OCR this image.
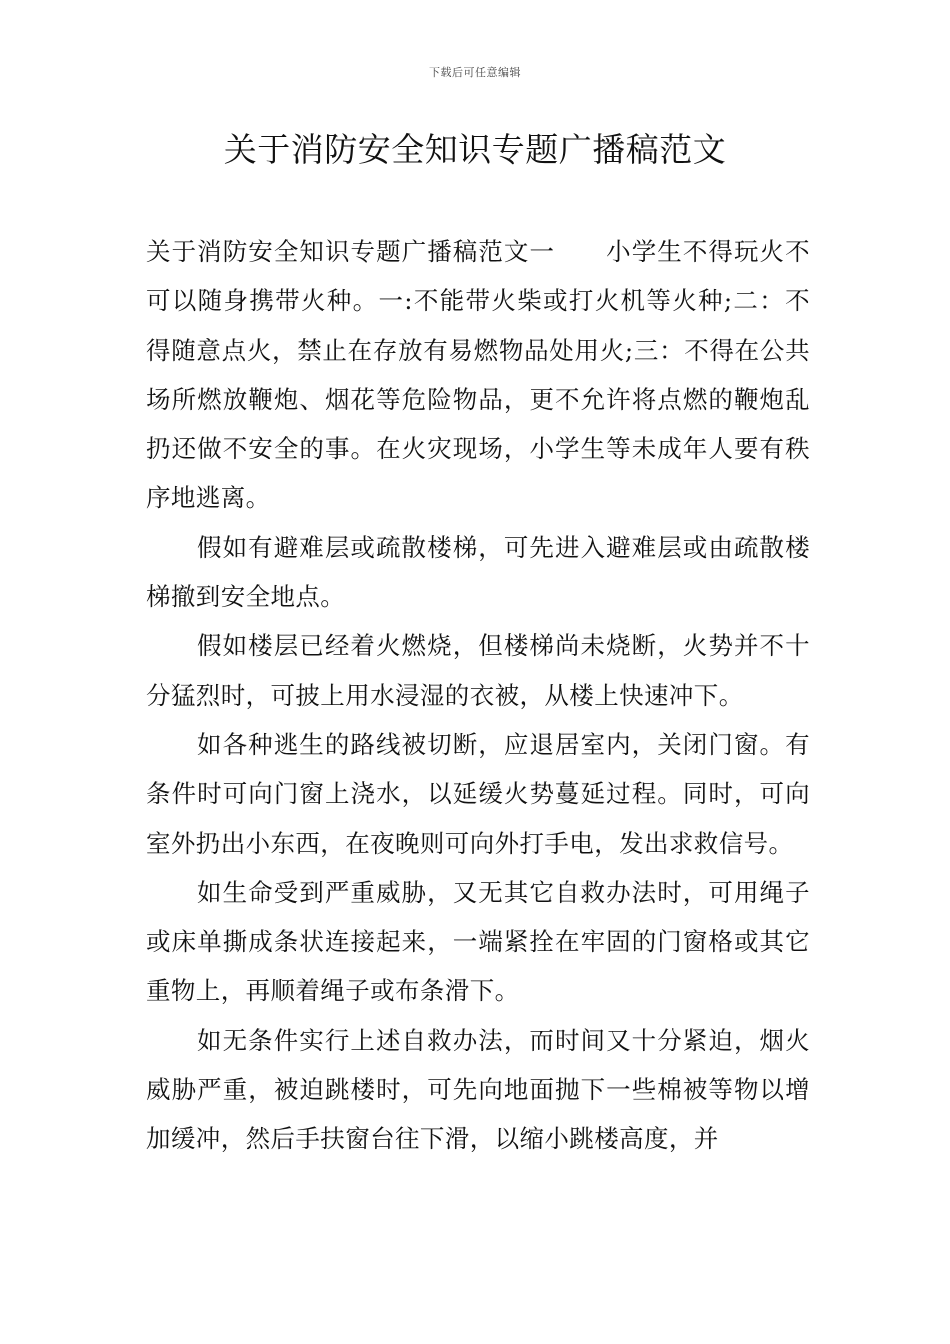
下载后可任意编辑
关于消防安全知识专题广播稿范文

关于消防安全知识专题广播稿范文一　　小学生不得玩火不可以随身携带火种。一:不能带火柴或打火机等火种;二：不得随意点火，禁止在存放有易燃物品处用火;三：不得在公共场所燃放鞭炮、烟花等危险物品，更不允许将点燃的鞭炮乱扔还做不安全的事。在火灾现场，小学生等未成年人要有秩序地逃离。

假如有避难层或疏散楼梯，可先进入避难层或由疏散楼梯撤到安全地点。

假如楼层已经着火燃烧，但楼梯尚未烧断，火势并不十分猛烈时，可披上用水浸湿的衣被，从楼上快速冲下。

如各种逃生的路线被切断，应退居室内，关闭门窗。有条件时可向门窗上浇水，以延缓火势蔓延过程。同时，可向室外扔出小东西，在夜晚则可向外打手电，发出求救信号。

如生命受到严重威胁，又无其它自救办法时，可用绳子或床单撕成条状连接起来，一端紧拴在牢固的门窗格或其它重物上，再顺着绳子或布条滑下。

如无条件实行上述自救办法，而时间又十分紧迫，烟火威胁严重，被迫跳楼时，可先向地面抛下一些棉被等物以增加缓冲，然后手扶窗台往下滑，以缩小跳楼高度，并
